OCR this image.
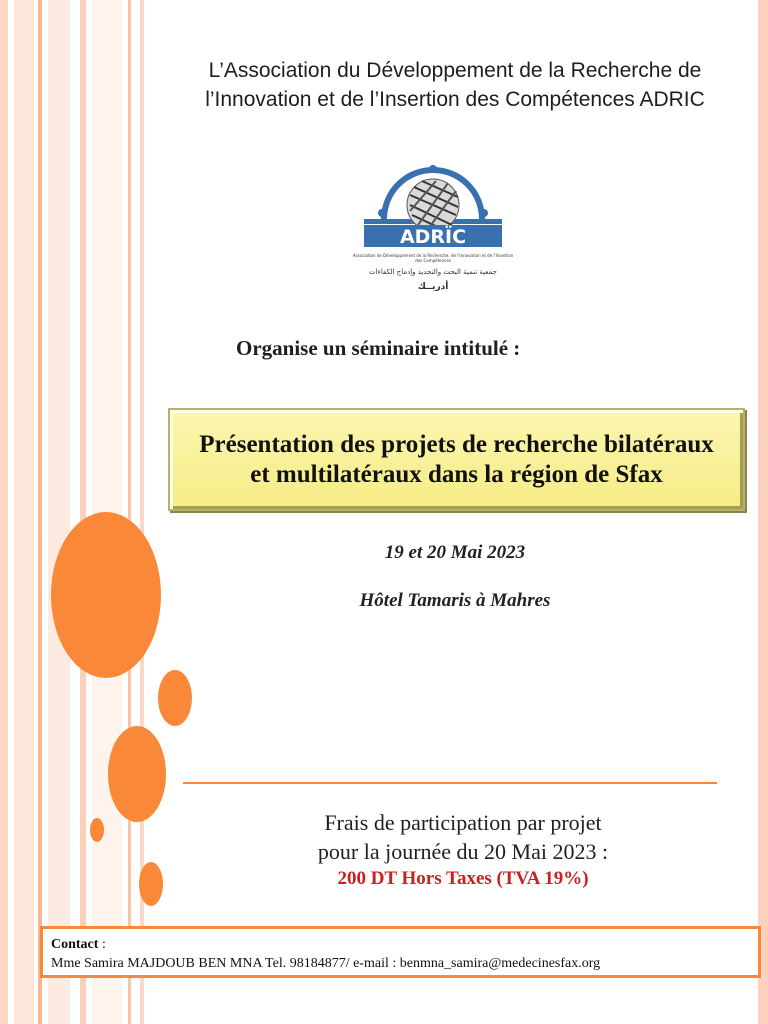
L’Association du Développement de la Recherche de
l’Innovation et de l’Insertion des Compétences ADRIC
ADRÏC
Association de Développement de la Recherche, de l'Innovation et de l'Insertion des Compétences
جمعية تنمية البحث والتجديد وإدماج الكفاءات
أدريــك
Organise un séminaire intitulé :
Présentation des projets de recherche bilatéraux et multilatéraux dans la région de Sfax
19 et 20 Mai 2023
Hôtel Tamaris à Mahres
Frais de participation par projet
pour la journée du 20 Mai 2023 :
200 DT Hors Taxes (TVA 19%)
Contact :
Mme Samira MAJDOUB BEN MNA Tel. 98184877/ e-mail : benmna_samira@medecinesfax.org
